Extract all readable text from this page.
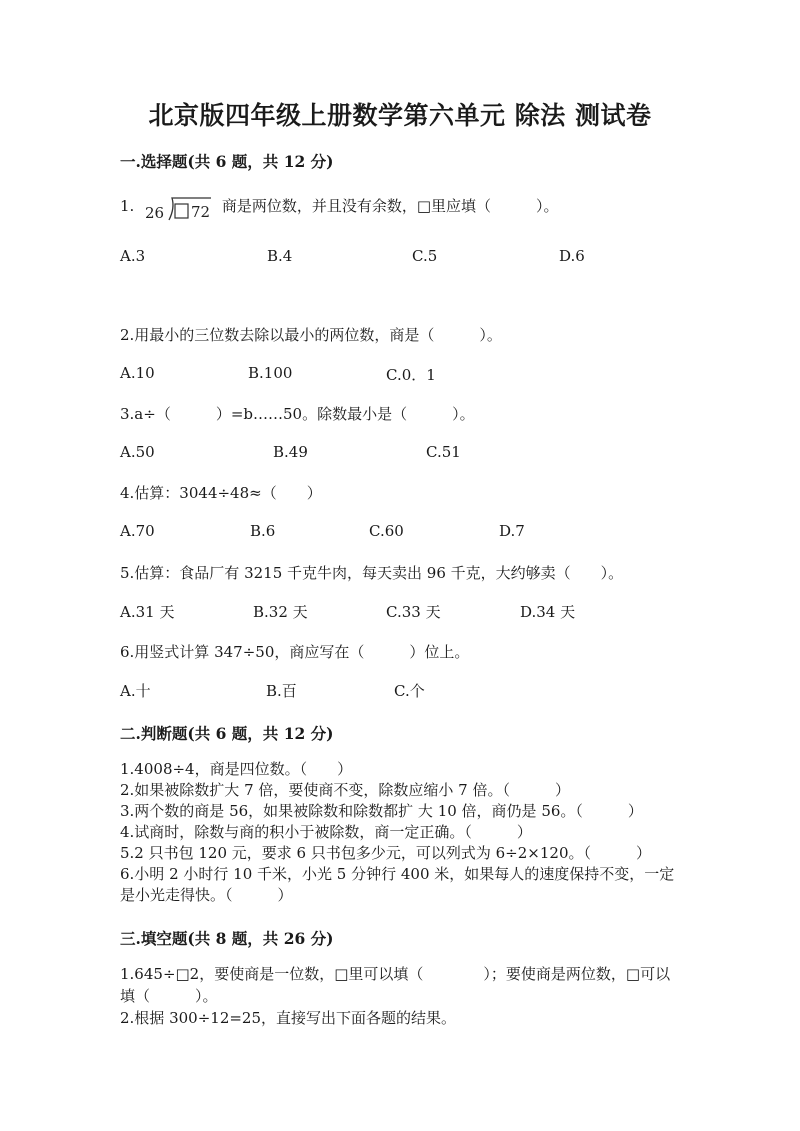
北京版四年级上册数学第六单元 除法 测试卷
一.选择题(共 6 题，共 12 分)
1. 26 72 商是两位数，并且没有余数，□里应填（　　　）。
A.3	B.4	C.5	D.6
2.用最小的三位数去除以最小的两位数，商是（　　　）。
A.10	B.100	C.0．1
3.a÷（　　　）=b……50。除数最小是（　　　）。
A.50	B.49	C.51
4.估算：3044÷48≈（　　）
A.70	B.6	C.60	D.7
5.估算：食品厂有 3215 千克牛肉，每天卖出 96 千克，大约够卖（　　）。
A.31 天	B.32 天	C.33 天	D.34 天
6.用竖式计算 347÷50，商应写在（　　　）位上。
A.十	B.百	C.个
二.判断题(共 6 题，共 12 分)
1.4008÷4，商是四位数。（　　）
2.如果被除数扩大 7 倍，要使商不变，除数应缩小 7 倍。（　　　）
3.两个数的商是 56，如果被除数和除数都扩 大 10 倍，商仍是 56。（　　　）
4.试商时，除数与商的积小于被除数，商一定正确。（　　　）
5.2 只书包 120 元，要求 6 只书包多少元，可以列式为 6÷2×120。（　　　）
6.小明 2 小时行 10 千米，小光 5 分钟行 400 米，如果每人的速度保持不变，一定是小光走得快。（　　　）
三.填空题(共 8 题，共 26 分)
1.645÷□2，要使商是一位数，□里可以填（　　　　）；要使商是两位数，□可以填（　　　）。
2.根据 300÷12=25，直接写出下面各题的结果。
